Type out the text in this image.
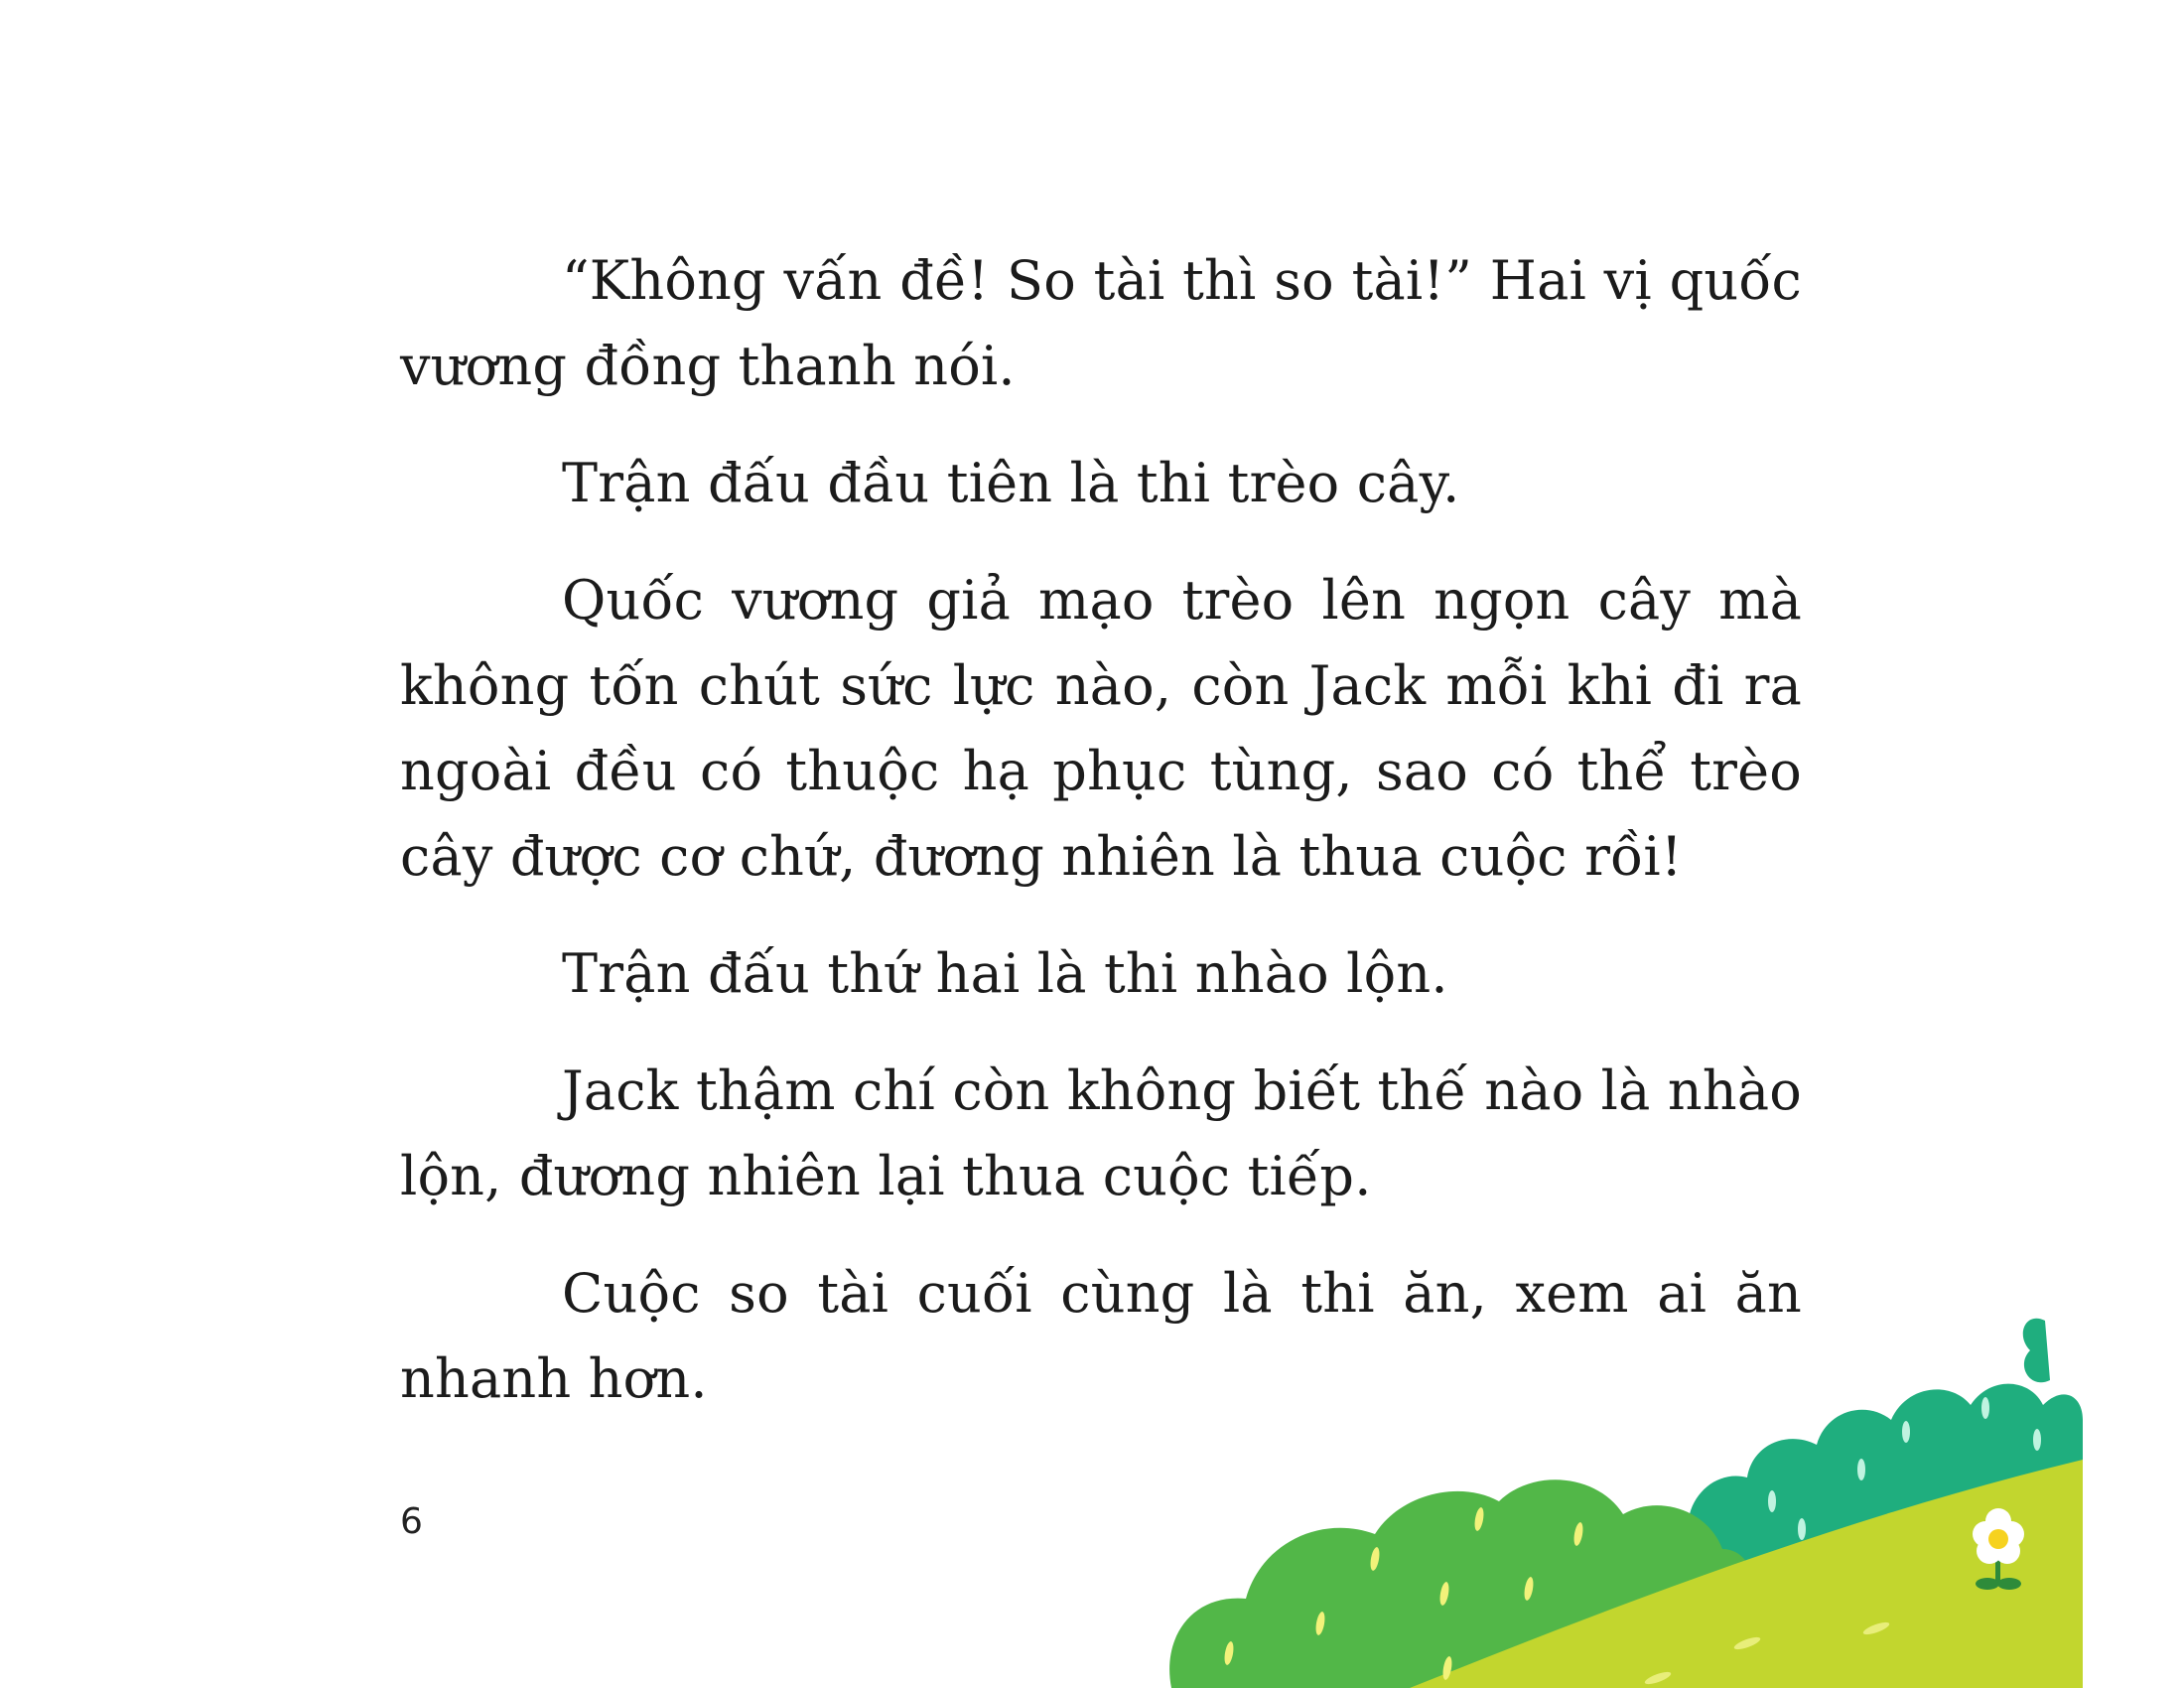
“Không vấn đề! So tài thì so tài!” Hai vị quốc vương đồng thanh nói.

Trận đấu đầu tiên là thi trèo cây.

Quốc vương giả mạo trèo lên ngọn cây mà không tốn chút sức lực nào, còn Jack mỗi khi đi ra ngoài đều có thuộc hạ phục tùng, sao có thể trèo cây được cơ chứ, đương nhiên là thua cuộc rồi!

Trận đấu thứ hai là thi nhào lộn.

Jack thậm chí còn không biết thế nào là nhào lộn, đương nhiên lại thua cuộc tiếp.

Cuộc so tài cuối cùng là thi ăn, xem ai ăn nhanh hơn.

6
